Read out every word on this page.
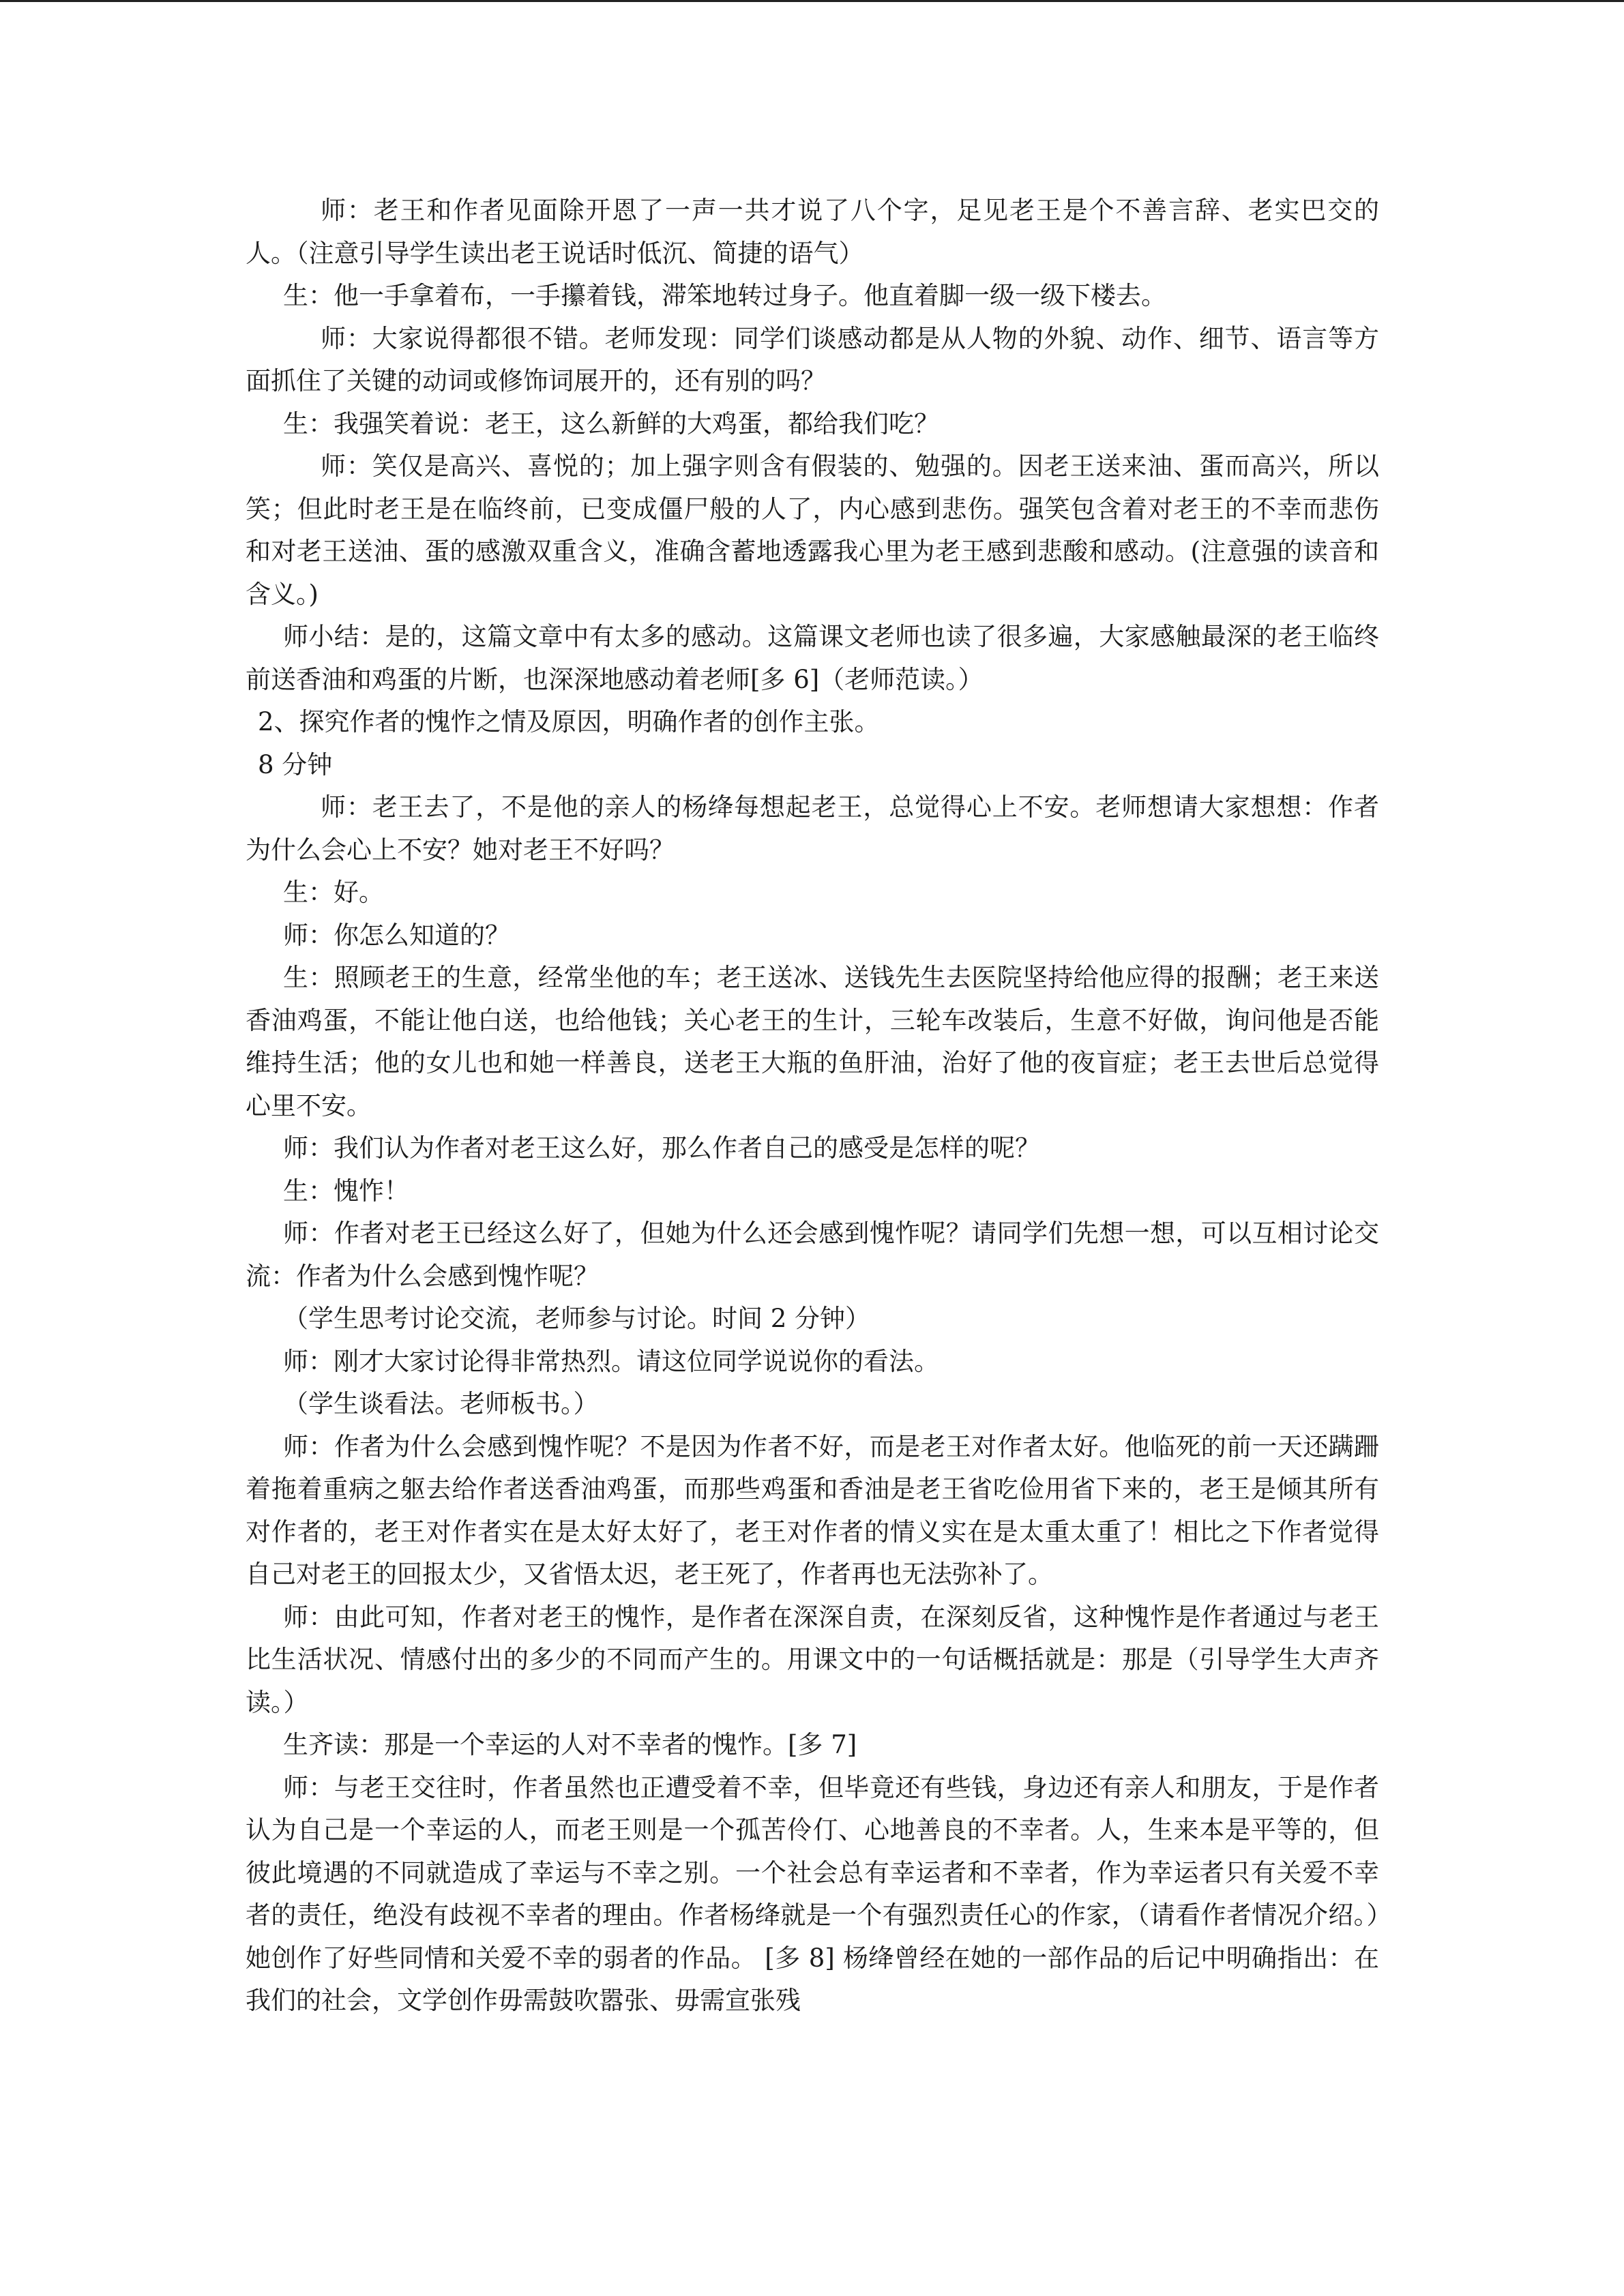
师：老王和作者见面除开恩了一声一共才说了八个字，足见老王是个不善言辞、老实巴交的人。（注意引导学生读出老王说话时低沉、简捷的语气）

生：他一手拿着布，一手攥着钱，滞笨地转过身子。他直着脚一级一级下楼去。

师：大家说得都很不错。老师发现：同学们谈感动都是从人物的外貌、动作、细节、语言等方面抓住了关键的动词或修饰词展开的，还有别的吗？

生：我强笑着说：老王，这么新鲜的大鸡蛋，都给我们吃？

师：笑仅是高兴、喜悦的；加上强字则含有假装的、勉强的。因老王送来油、蛋而高兴，所以笑；但此时老王是在临终前，已变成僵尸般的人了，内心感到悲伤。强笑包含着对老王的不幸而悲伤和对老王送油、蛋的感激双重含义，准确含蓄地透露我心里为老王感到悲酸和感动。(注意强的读音和含义。)

师小结：是的，这篇文章中有太多的感动。这篇课文老师也读了很多遍，大家感触最深的老王临终前送香油和鸡蛋的片断，也深深地感动着老师[多 6]（老师范读。）

2、探究作者的愧怍之情及原因，明确作者的创作主张。

8 分钟

师：老王去了，不是他的亲人的杨绛每想起老王，总觉得心上不安。老师想请大家想想：作者为什么会心上不安？她对老王不好吗？

生：好。

师：你怎么知道的？

生：照顾老王的生意，经常坐他的车；老王送冰、送钱先生去医院坚持给他应得的报酬；老王来送香油鸡蛋，不能让他白送，也给他钱；关心老王的生计，三轮车改装后，生意不好做，询问他是否能维持生活；他的女儿也和她一样善良，送老王大瓶的鱼肝油，治好了他的夜盲症；老王去世后总觉得心里不安。

师：我们认为作者对老王这么好，那么作者自己的感受是怎样的呢？

生：愧怍！

师：作者对老王已经这么好了，但她为什么还会感到愧怍呢？请同学们先想一想，可以互相讨论交流：作者为什么会感到愧怍呢？

（学生思考讨论交流，老师参与讨论。时间 2 分钟）

师：刚才大家讨论得非常热烈。请这位同学说说你的看法。

（学生谈看法。老师板书。）

师：作者为什么会感到愧怍呢？不是因为作者不好，而是老王对作者太好。他临死的前一天还蹒跚着拖着重病之躯去给作者送香油鸡蛋，而那些鸡蛋和香油是老王省吃俭用省下来的，老王是倾其所有对作者的，老王对作者实在是太好太好了，老王对作者的情义实在是太重太重了！相比之下作者觉得自己对老王的回报太少，又省悟太迟，老王死了，作者再也无法弥补了。

师：由此可知，作者对老王的愧怍，是作者在深深自责，在深刻反省，这种愧怍是作者通过与老王比生活状况、情感付出的多少的不同而产生的。用课文中的一句话概括就是：那是（引导学生大声齐读。）

生齐读：那是一个幸运的人对不幸者的愧怍。[多 7]

师：与老王交往时，作者虽然也正遭受着不幸，但毕竟还有些钱，身边还有亲人和朋友，于是作者认为自己是一个幸运的人，而老王则是一个孤苦伶仃、心地善良的不幸者。人，生来本是平等的，但彼此境遇的不同就造成了幸运与不幸之别。一个社会总有幸运者和不幸者，作为幸运者只有关爱不幸者的责任，绝没有歧视不幸者的理由。作者杨绛就是一个有强烈责任心的作家，（请看作者情况介绍。）她创作了好些同情和关爱不幸的弱者的作品。 [多 8] 杨绛曾经在她的一部作品的后记中明确指出：在我们的社会，文学创作毋需鼓吹嚣张、毋需宣张残
